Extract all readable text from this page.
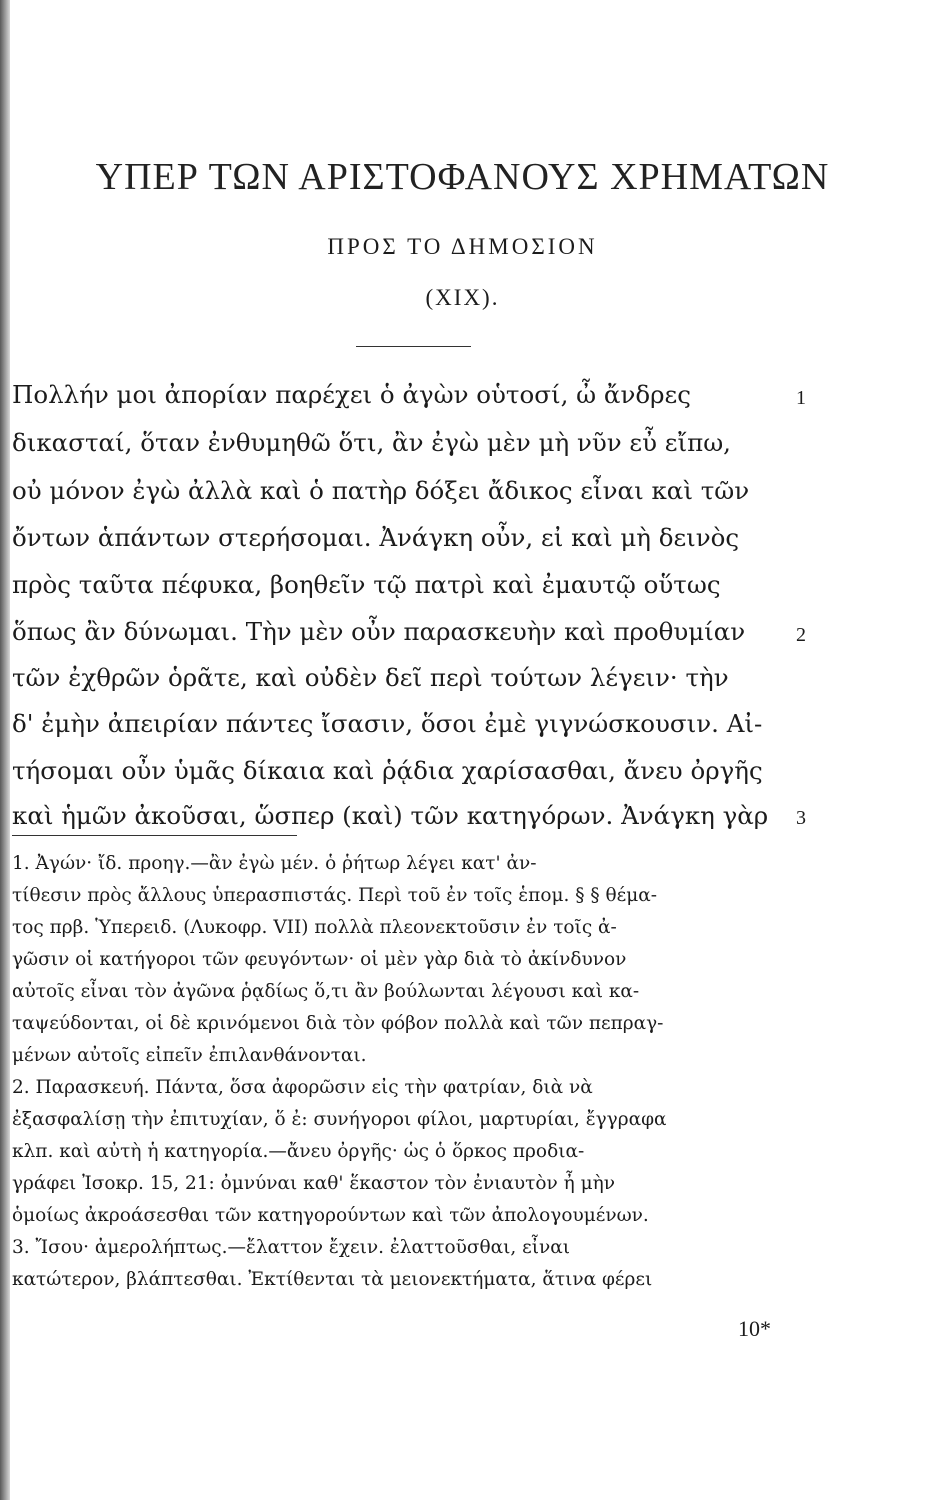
ΥΠΕΡ ΤΩΝ ΑΡΙΣΤΟΦΑΝΟΥΣ ΧΡΗΜΑΤΩΝ
ΠΡΟΣ ΤΟ ΔΗΜΟΣΙΟΝ
(XIX).
Πολλήν μοι ἀπορίαν παρέχει ὁ ἀγὼν οὑτοσί, ὦ ἄνδρες
δικασταί, ὅταν ἐνθυμηθῶ ὅτι, ἂν ἐγὼ μὲν μὴ νῦν εὖ εἴπω,
οὐ μόνον ἐγὼ ἀλλὰ καὶ ὁ πατὴρ δόξει ἄδικος εἶναι καὶ τῶν
ὄντων ἁπάντων στερήσομαι. Ἀνάγκη οὖν, εἰ καὶ μὴ δεινὸς
πρὸς ταῦτα πέφυκα, βοηθεῖν τῷ πατρὶ καὶ ἐμαυτῷ οὕτως
ὅπως ἂν δύνωμαι. Τὴν μὲν οὖν παρασκευὴν καὶ προθυμίαν
τῶν ἐχθρῶν ὁρᾶτε, καὶ οὐδὲν δεῖ περὶ τούτων λέγειν· τὴν
δ' ἐμὴν ἀπειρίαν πάντες ἴσασιν, ὅσοι ἐμὲ γιγνώσκουσιν. Αἰ-
τήσομαι οὖν ὑμᾶς δίκαια καὶ ῥᾴδια χαρίσασθαι, ἄνευ ὀργῆς
καὶ ἡμῶν ἀκοῦσαι, ὥσπερ (καὶ) τῶν κατηγόρων. Ἀνάγκη γὰρ
1
2
3
1. Ἀγών· ἴδ. προηγ.—ἂν ἐγὼ μέν. ὁ ῥήτωρ λέγει κατ' ἀν-
τίθεσιν πρὸς ἄλλους ὑπερασπιστάς. Περὶ τοῦ ἐν τοῖς ἑπομ. § § θέμα-
τος πρβ. Ὑπερειδ. (Λυκοφρ. VII) πολλὰ πλεονεκτοῦσιν ἐν τοῖς ἀ-
γῶσιν οἱ κατήγοροι τῶν φευγόντων· οἱ μὲν γὰρ διὰ τὸ ἀκίνδυνον
αὐτοῖς εἶναι τὸν ἀγῶνα ῥᾳδίως ὅ,τι ἂν βούλωνται λέγουσι καὶ κα-
ταψεύδονται, οἱ δὲ κρινόμενοι διὰ τὸν φόβον πολλὰ καὶ τῶν πεπραγ-
μένων αὐτοῖς εἰπεῖν ἐπιλανθάνονται.
2. Παρασκευή. Πάντα, ὅσα ἀφορῶσιν εἰς τὴν φατρίαν, διὰ νὰ
ἐξασφαλίσῃ τὴν ἐπιτυχίαν, ὅ ἐ: συνήγοροι φίλοι, μαρτυρίαι, ἔγγραφα
κλπ. καὶ αὐτὴ ἡ κατηγορία.—ἄνευ ὀργῆς· ὡς ὁ ὅρκος προδια-
γράφει Ἰσοκρ. 15, 21: ὀμνύναι καθ' ἕκαστον τὸν ἐνιαυτὸν ἦ μὴν
ὁμοίως ἀκροάσεσθαι τῶν κατηγορούντων καὶ τῶν ἀπολογουμένων.
3. Ἴσου· ἀμερολήπτως.—ἔλαττον ἔχειν. ἐλαττοῦσθαι, εἶναι
κατώτερον, βλάπτεσθαι. Ἐκτίθενται τὰ μειονεκτήματα, ἅτινα φέρει
10*
